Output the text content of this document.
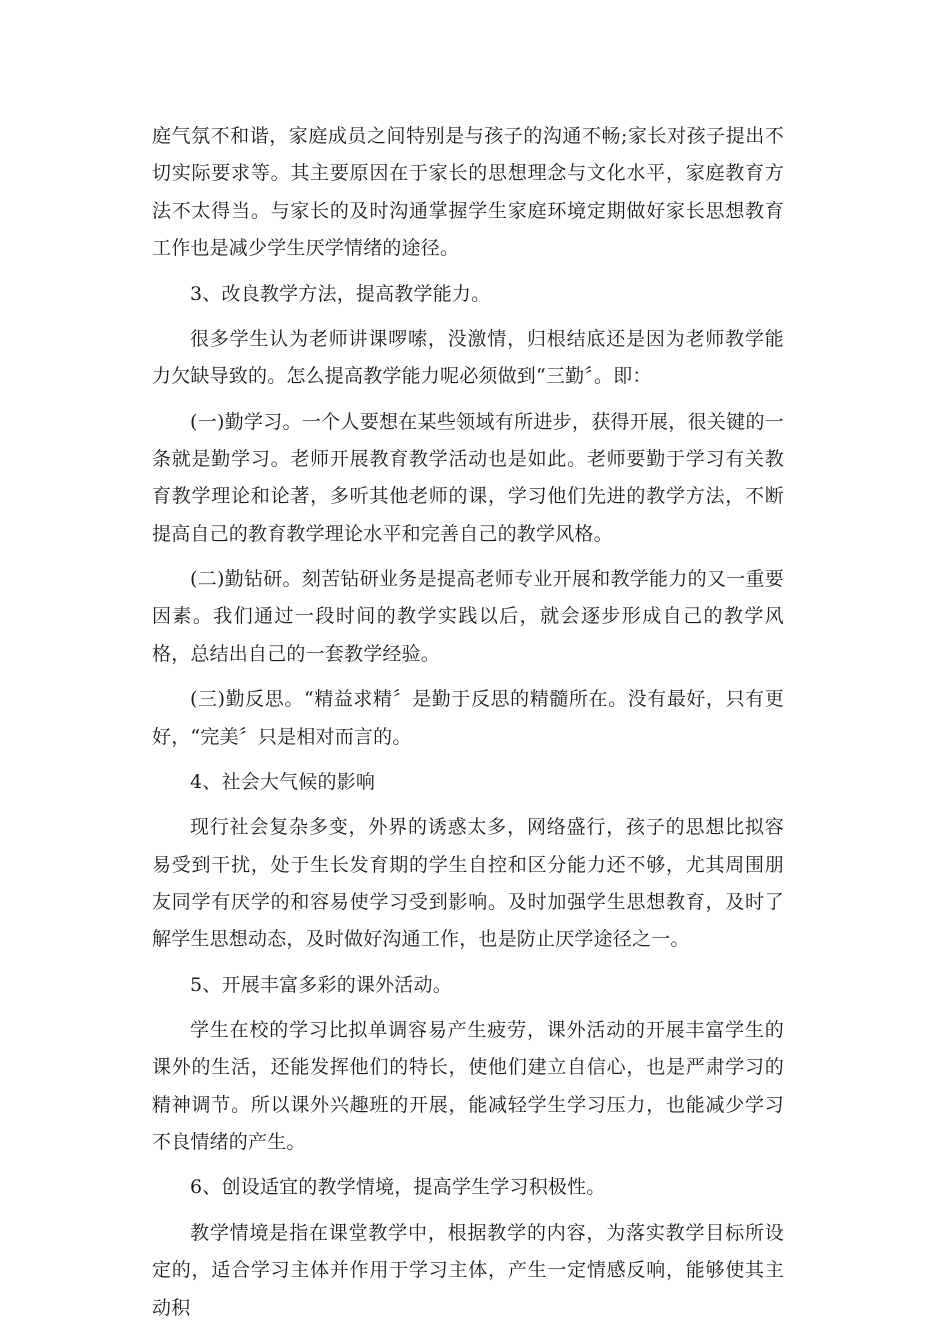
庭气氛不和谐，家庭成员之间特别是与孩子的沟通不畅;家长对孩子提出不切实际要求等。其主要原因在于家长的思想理念与文化水平，家庭教育方法不太得当。与家长的及时沟通掌握学生家庭环境定期做好家长思想教育工作也是减少学生厌学情绪的途径。

3、改良教学方法，提高教学能力。

很多学生认为老师讲课啰嗦，没激情，归根结底还是因为老师教学能力欠缺导致的。怎么提高教学能力呢必须做到“三勤〞。即：

(一)勤学习。一个人要想在某些领域有所进步，获得开展，很关键的一条就是勤学习。老师开展教育教学活动也是如此。老师要勤于学习有关教育教学理论和论著，多听其他老师的课，学习他们先进的教学方法，不断提高自己的教育教学理论水平和完善自己的教学风格。

(二)勤钻研。刻苦钻研业务是提高老师专业开展和教学能力的又一重要因素。我们通过一段时间的教学实践以后，就会逐步形成自己的教学风格，总结出自己的一套教学经验。

(三)勤反思。“精益求精〞是勤于反思的精髓所在。没有最好，只有更好，“完美〞只是相对而言的。

4、社会大气候的影响

现行社会复杂多变，外界的诱惑太多，网络盛行，孩子的思想比拟容易受到干扰，处于生长发育期的学生自控和区分能力还不够，尤其周围朋友同学有厌学的和容易使学习受到影响。及时加强学生思想教育，及时了解学生思想动态，及时做好沟通工作，也是防止厌学途径之一。

5、开展丰富多彩的课外活动。

学生在校的学习比拟单调容易产生疲劳，课外活动的开展丰富学生的课外的生活，还能发挥他们的特长，使他们建立自信心，也是严肃学习的精神调节。所以课外兴趣班的开展，能减轻学生学习压力，也能减少学习不良情绪的产生。

6、创设适宜的教学情境，提高学生学习积极性。

教学情境是指在课堂教学中，根据教学的内容，为落实教学目标所设定的，适合学习主体并作用于学习主体，产生一定情感反响，能够使其主动积
